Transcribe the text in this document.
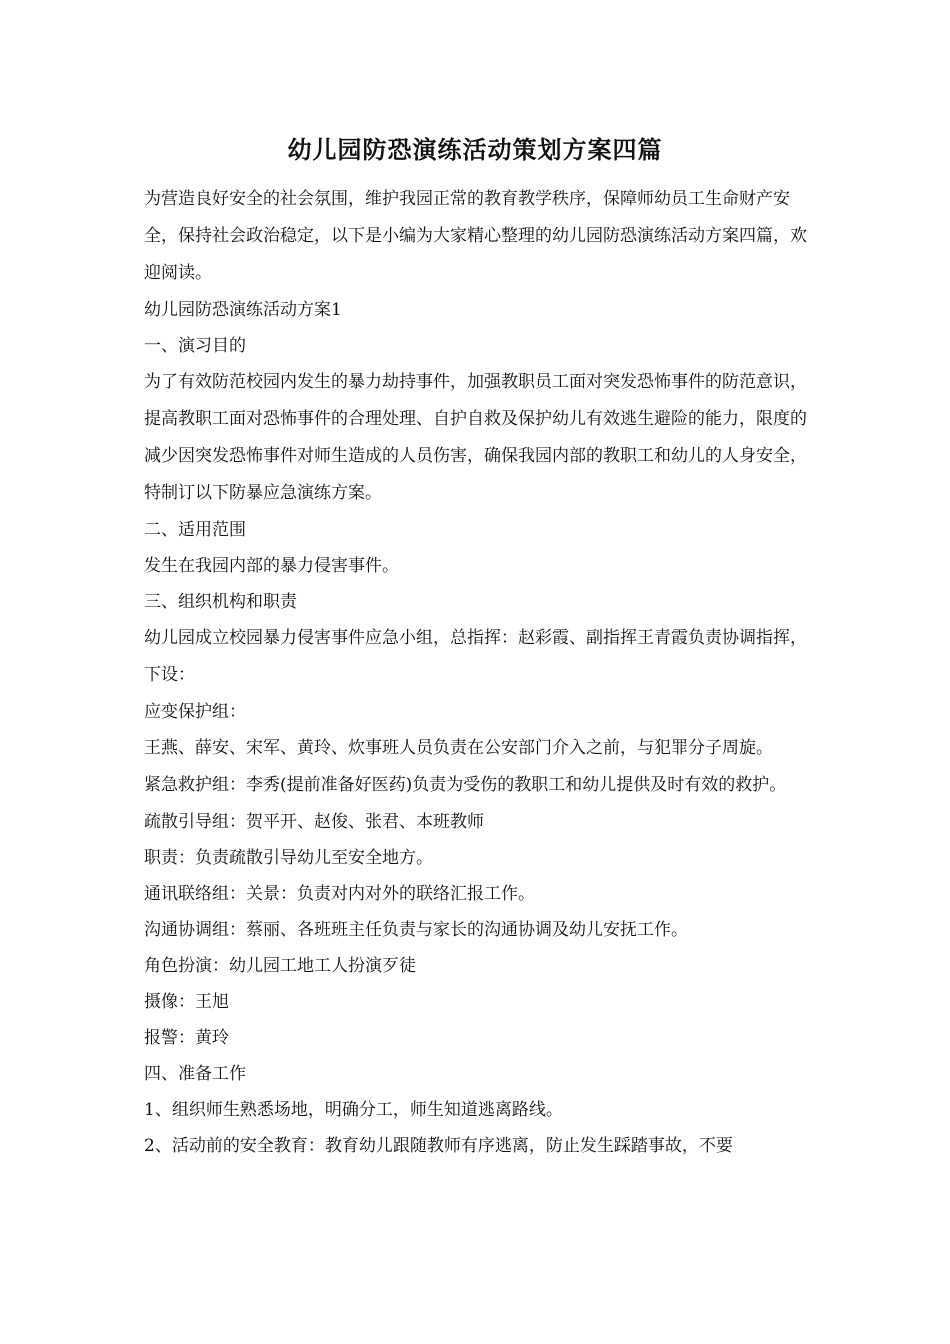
幼儿园防恐演练活动策划方案四篇

为营造良好安全的社会氛围，维护我园正常的教育教学秩序，保障师幼员工生命财产安全，保持社会政治稳定，以下是小编为大家精心整理的幼儿园防恐演练活动方案四篇，欢迎阅读。

幼儿园防恐演练活动方案1

一、演习目的

为了有效防范校园内发生的暴力劫持事件，加强教职员工面对突发恐怖事件的防范意识，提高教职工面对恐怖事件的合理处理、自护自救及保护幼儿有效逃生避险的能力，限度的减少因突发恐怖事件对师生造成的人员伤害，确保我园内部的教职工和幼儿的人身安全，特制订以下防暴应急演练方案。

二、适用范围

发生在我园内部的暴力侵害事件。

三、组织机构和职责

幼儿园成立校园暴力侵害事件应急小组，总指挥：赵彩霞、副指挥王青霞负责协调指挥，下设：

应变保护组：

王燕、薛安、宋军、黄玲、炊事班人员负责在公安部门介入之前，与犯罪分子周旋。

紧急救护组：李秀(提前准备好医药)负责为受伤的教职工和幼儿提供及时有效的救护。

疏散引导组：贺平开、赵俊、张君、本班教师

职责：负责疏散引导幼儿至安全地方。

通讯联络组：关景：负责对内对外的联络汇报工作。

沟通协调组：蔡丽、各班班主任负责与家长的沟通协调及幼儿安抚工作。

角色扮演：幼儿园工地工人扮演歹徒

摄像：王旭

报警：黄玲

四、准备工作

1、组织师生熟悉场地，明确分工，师生知道逃离路线。

2、活动前的安全教育：教育幼儿跟随教师有序逃离，防止发生踩踏事故，不要
